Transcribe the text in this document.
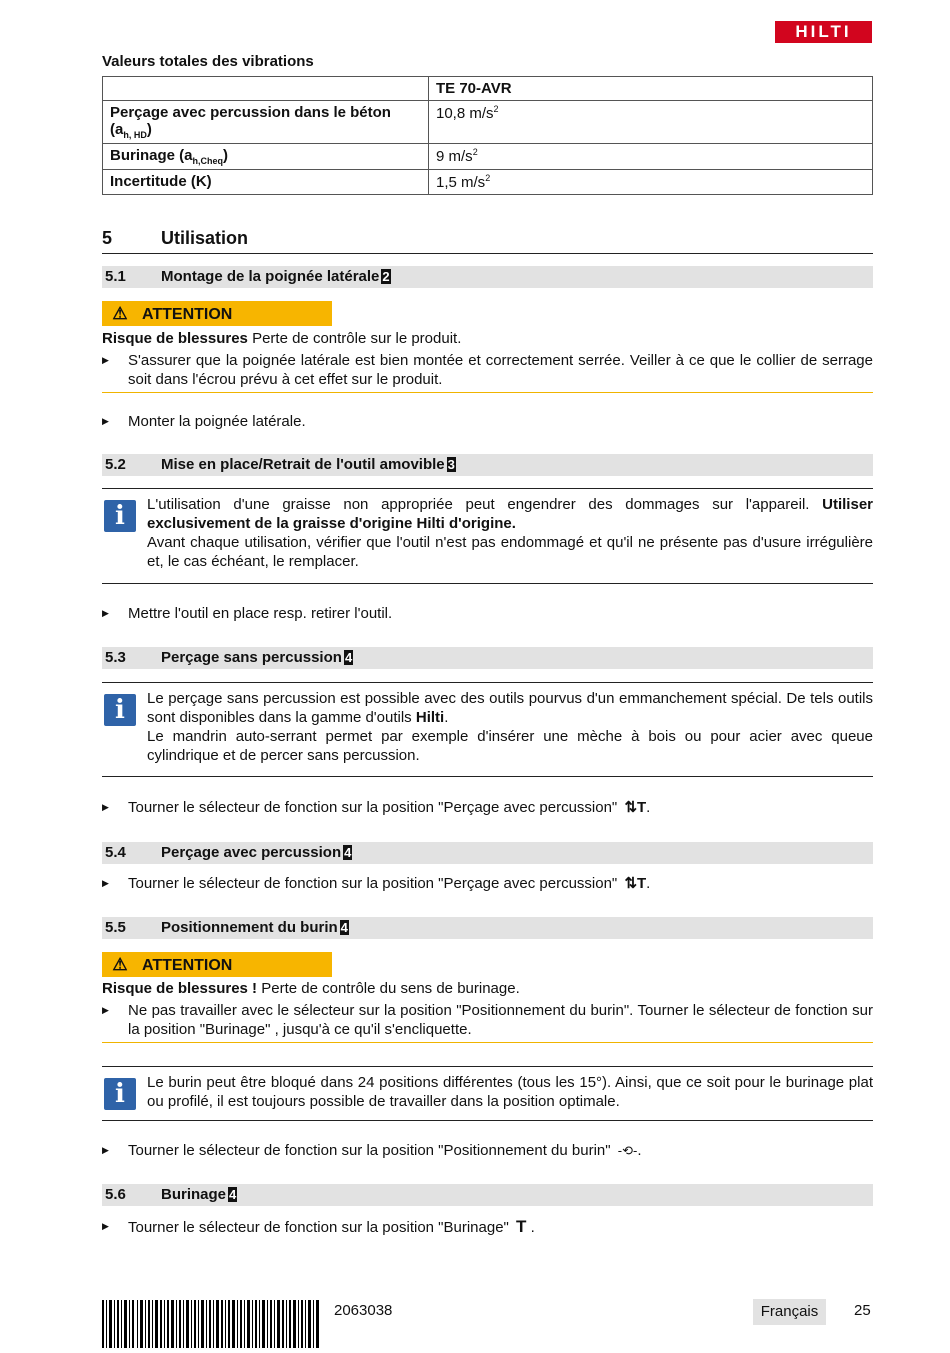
HILTI
Valeurs totales des vibrations
	TE 70-AVR
Perçage avec percussion dans le béton
$(a_{h, HD})$	10,8 $m/s^2$
Burinage $(a_{h,Cheq})$	9 $m/s^2$
Incertitude (K)	1,5 $m/s^2$
5	Utilisation
5.1 Montage de la poignée latérale 2
⚠ ATTENTION
Risque de blessures Perte de contrôle sur le produit.
▶ S'assurer que la poignée latérale est bien montée et correctement serrée. Veiller à ce que le collier de serrage soit dans l'écrou prévu à cet effet sur le produit.
▶ Monter la poignée latérale.
5.2 Mise en place/Retrait de l'outil amovible 3
i	L'utilisation d'une graisse non appropriée peut engendrer des dommages sur l'appareil. Utiliser exclusivement de la graisse d'origine Hilti d'origine.
Avant chaque utilisation, vérifier que l'outil n'est pas endommagé et qu'il ne présente pas d'usure irrégulière et, le cas échéant, le remplacer.
▶ Mettre l'outil en place resp. retirer l'outil.
5.3 Perçage sans percussion 4
i	Le perçage sans percussion est possible avec des outils pourvus d'un emmanchement spécial. De tels outils sont disponibles dans la gamme d'outils Hilti.
Le mandrin auto-serrant permet par exemple d'insérer une mèche à bois ou pour acier avec queue cylindrique et de percer sans percussion.
▶ Tourner le sélecteur de fonction sur la position "Perçage avec percussion" ⇅T.
5.4 Perçage avec percussion 4
▶ Tourner le sélecteur de fonction sur la position "Perçage avec percussion" ⇅T.
5.5 Positionnement du burin 4
⚠ ATTENTION
Risque de blessures ! Perte de contrôle du sens de burinage.
▶ Ne pas travailler avec le sélecteur sur la position "Positionnement du burin". Tourner le sélecteur de fonction sur la position "Burinage" , jusqu'à ce qu'il s'encliquette.
i	Le burin peut être bloqué dans 24 positions différentes (tous les 15°). Ainsi, que ce soit pour le burinage plat ou profilé, il est toujours possible de travailler dans la position optimale.
▶ Tourner le sélecteur de fonction sur la position "Positionnement du burin" -⟲-.
5.6 Burinage 4
▶ Tourner le sélecteur de fonction sur la position "Burinage" T .
2063038	Français	25
